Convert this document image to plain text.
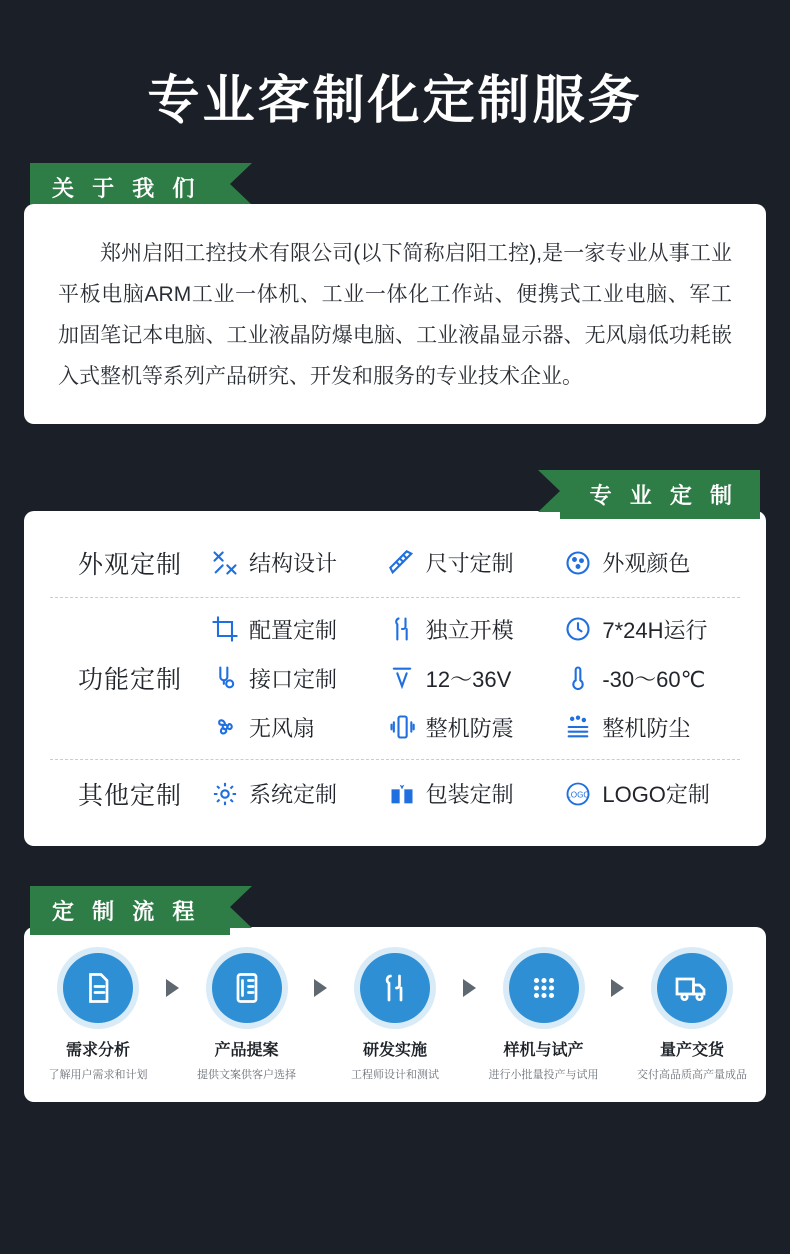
专业客制化定制服务
关 于 我 们

郑州启阳工控技术有限公司(以下简称启阳工控),是一家专业从事工业平板电脑ARM工业一体机、工业一体化工作站、便携式工业电脑、军工加固笔记本电脑、工业液晶防爆电脑、工业液晶显示器、无风扇低功耗嵌入式整机等系列产品研究、开发和服务的专业技术企业。

专 业 定 制
外观定制	结构设计	尺寸定制	外观颜色
功能定制
配置定制	独立开模	7*24H运行
接口定制	12～36V	-30～60℃
无风扇	整机防震	整机防尘
其他定制	系统定制	包装定制	LOGO LOGO定制
定 制 流 程
需求分析
了解用户需求和计划
产品提案
提供文案供客户选择
研发实施
工程师设计和测试
样机与试产
进行小批量投产与试用
量产交货
交付高品质高产量成品
